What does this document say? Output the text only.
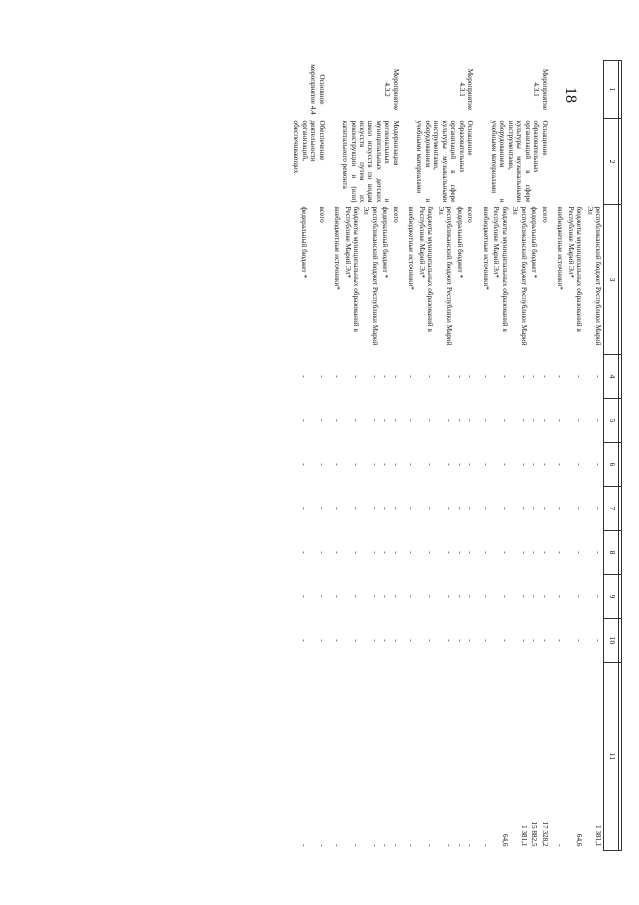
18
											1	2	3	4	5	6	7	8	9	10	11
		республиканский бюджет Республики Марий Эл	-	-	-	-	-	-	-	1 381,1
		бюджеты муниципальных образований в Республике Марий Эл*	-	-	-	-	-	-	-	64,6
		внебюджетные источники*	-	-	-	-	-	-	-	-

Мероприятие 4.3.1	Оснащение образовательных организаций в сфере культуры музыкальными инструментами, оборудованием и учебными материалами	всего	-	-	-	-	-	-	-	17 328,2
		федеральный бюджет *	-	-	-	-	-	-	-	15 882,5
		республиканский бюджет Республики Марий Эл	-	-	-	-	-	-	-	1 381,1
		бюджеты муниципальных образований в Республике Марий Эл*	-	-	-	-	-	-	-	64,6
		внебюджетные источники*	-	-	-	-	-	-	-	-

Мероприятие 4.3.1	Оснащение образовательных организаций в сфере культуры музыкальными инструментами, оборудованием и учебными материалами	всего	-	-	-	-	-	-	-	-
		федеральный бюджет *	-	-	-	-	-	-	-	-
		республиканский бюджет Республики Марий Эл	-	-	-	-	-	-	-	-
		бюджеты муниципальных образований в Республике Марий Эл*	-	-	-	-	-	-	-	-
		внебюджетные источники*	-	-	-	-	-	-	-	-

Мероприятие 4.3.2	Модернизация региональных и муниципальных детских школ искусств по видам искусств путем их реконструкции и (или) капитального ремонта	всего	-	-	-	-	-	-	-	-
		федеральный бюджет *	-	-	-	-	-	-	-	-
		республиканский бюджет Республики Марий Эл	-	-	-	-	-	-	-	-
		бюджеты муниципальных образований в Республике Марий Эл*	-	-	-	-	-	-	-	-
		внебюджетные источники*	-	-	-	-	-	-	-	-

Основное мероприятие 4.4	Обеспечение деятельности организаций, обеспечивающих	всего	-	-	-	-	-	-	-	-
		федеральный бюджет *	-	-	-	-	-	-	-	-
